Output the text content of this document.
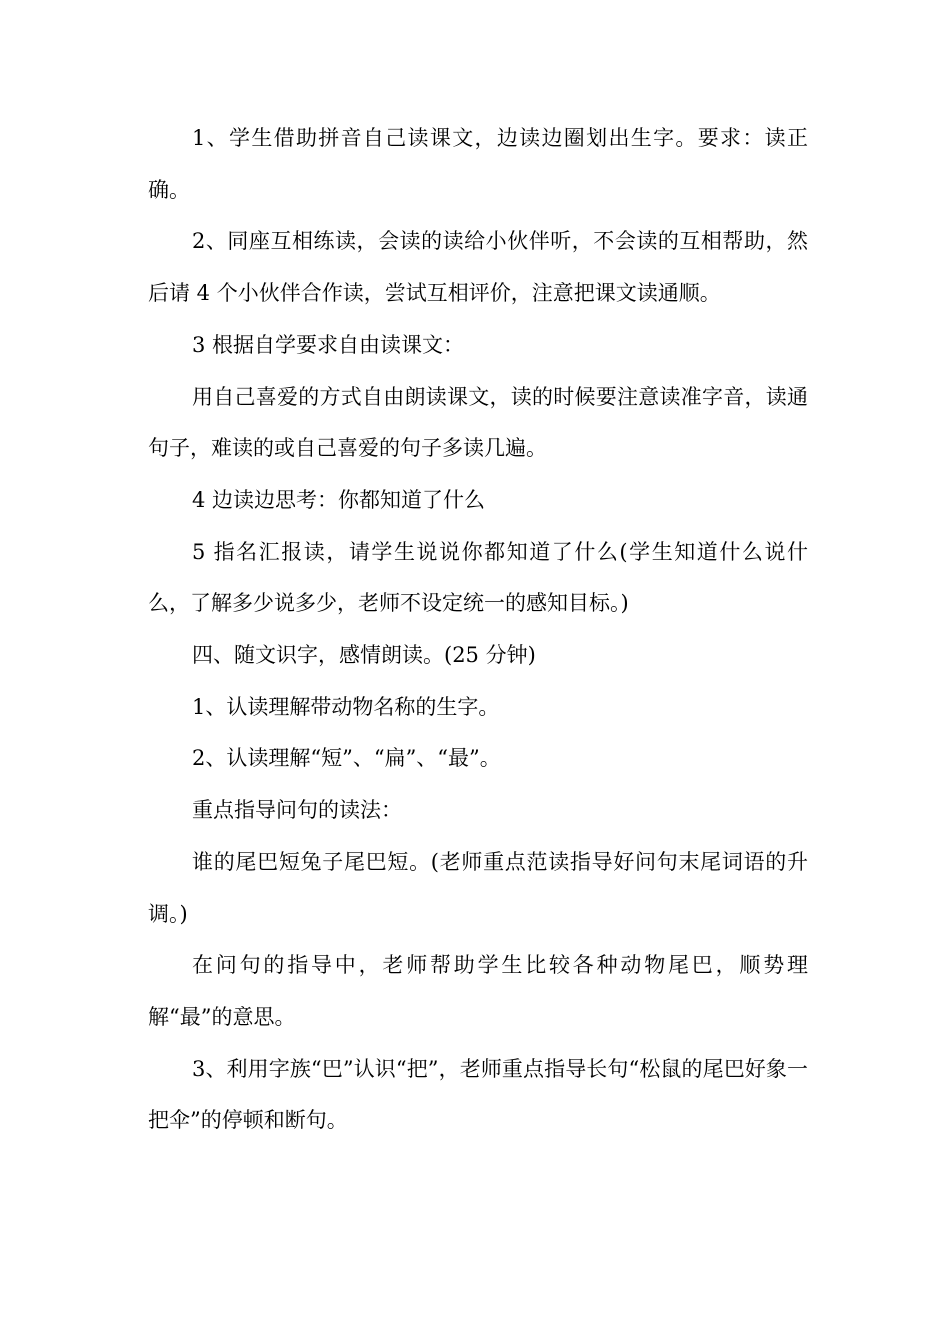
1、学生借助拼音自己读课文，边读边圈划出生字。要求：读正确。

2、同座互相练读，会读的读给小伙伴听，不会读的互相帮助，然后请 4 个小伙伴合作读，尝试互相评价，注意把课文读通顺。

3 根据自学要求自由读课文：

用自己喜爱的方式自由朗读课文，读的时候要注意读准字音，读通句子，难读的或自己喜爱的句子多读几遍。

4 边读边思考：你都知道了什么

5 指名汇报读，请学生说说你都知道了什么(学生知道什么说什么，了解多少说多少，老师不设定统一的感知目标。)

四、随文识字，感情朗读。(25 分钟)

1、认读理解带动物名称的生字。

2、认读理解“短”、“扁”、“最”。

重点指导问句的读法：

谁的尾巴短兔子尾巴短。(老师重点范读指导好问句末尾词语的升调。)

在问句的指导中，老师帮助学生比较各种动物尾巴，顺势理解“最”的意思。

3、利用字族“巴”认识“把”，老师重点指导长句“松鼠的尾巴好象一把伞”的停顿和断句。
